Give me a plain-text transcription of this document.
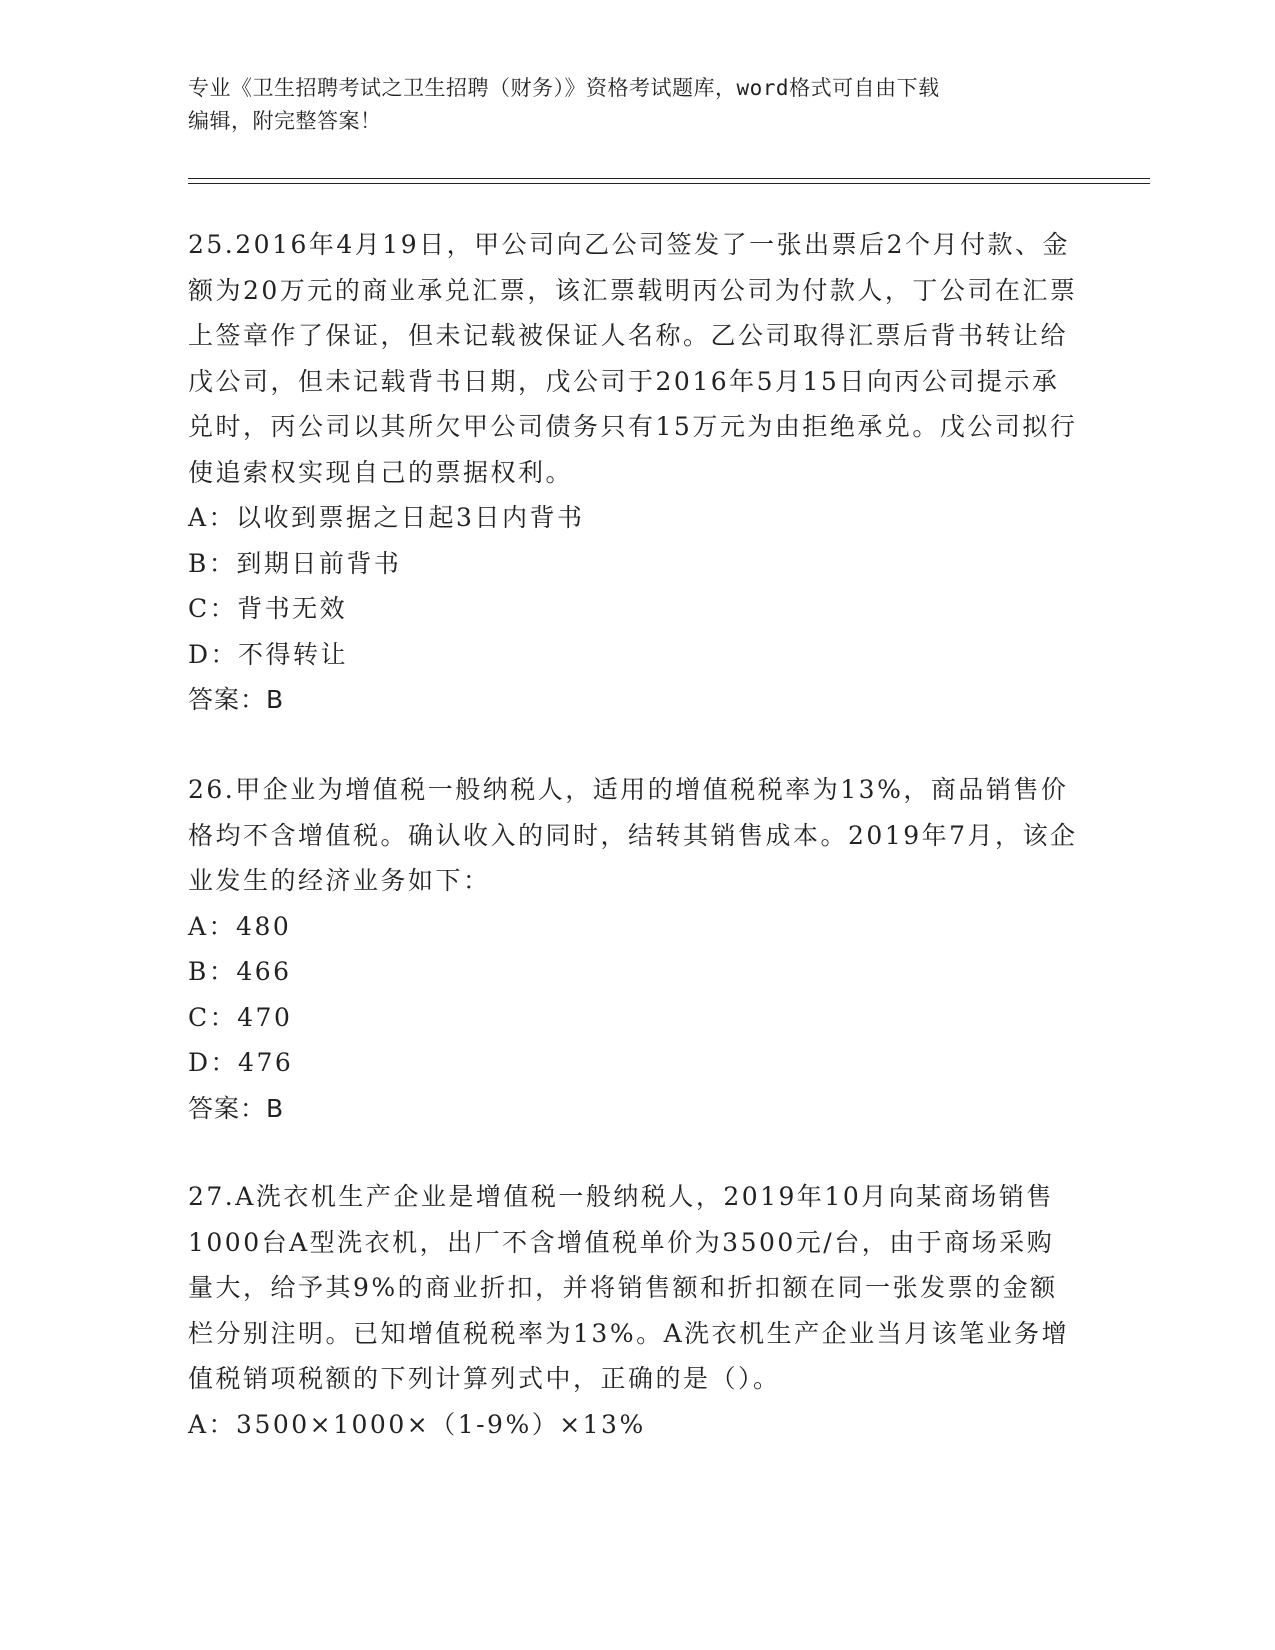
专业《卫生招聘考试之卫生招聘（财务）》资格考试题库，word格式可自由下载
编辑，附完整答案！

25.2016年4月19日，甲公司向乙公司签发了一张出票后2个月付款、金额为20万元的商业承兑汇票，该汇票载明丙公司为付款人，丁公司在汇票上签章作了保证，但未记载被保证人名称。乙公司取得汇票后背书转让给戊公司，但未记载背书日期，戊公司于2016年5月15日向丙公司提示承兑时，丙公司以其所欠甲公司债务只有15万元为由拒绝承兑。戊公司拟行使追索权实现自己的票据权利。

A：以收到票据之日起3日内背书

B：到期日前背书

C：背书无效

D：不得转让

答案：B

26.甲企业为增值税一般纳税人，适用的增值税税率为13%，商品销售价格均不含增值税。确认收入的同时，结转其销售成本。2019年7月，该企业发生的经济业务如下：

A：480

B：466

C：470

D：476

答案：B

27.A洗衣机生产企业是增值税一般纳税人，2019年10月向某商场销售1000台A型洗衣机，出厂不含增值税单价为3500元/台，由于商场采购量大，给予其9%的商业折扣，并将销售额和折扣额在同一张发票的金额栏分别注明。已知增值税税率为13%。A洗衣机生产企业当月该笔业务增值税销项税额的下列计算列式中，正确的是（）。

A：3500×1000×（1-9%）×13%
